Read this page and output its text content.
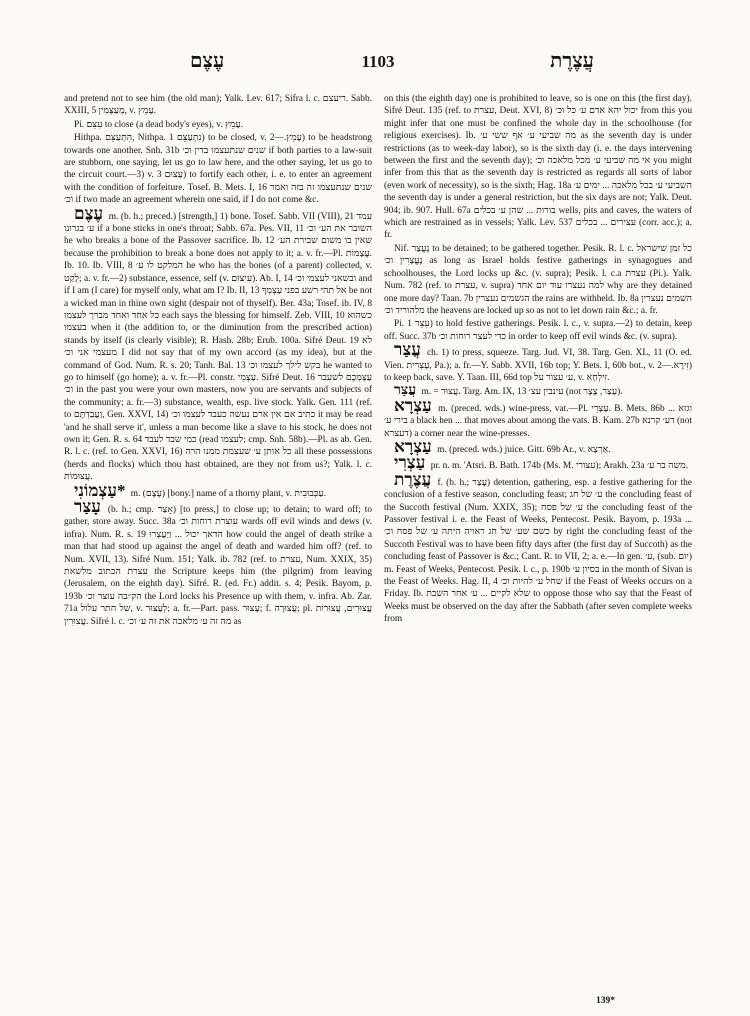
עֶצֶם	1103	עֲצֶרֶת

and pretend not to see him (the old man); Yalk. Lev. 617; Sifra l. c. ריעצם. Sabb. XXIII, 5 מְעַצְּמִין, v. עָמֵץ.

Pi. עִצֵּם to close (a dead body's eyes), v. עָמֵץ.

Hithpa. הִתְעַצֵּם, Nithpa. נִתְעַצֵּם 1) to be closed, v. עָמֵץ.—2) to be headstrong towards one another. Snh. 31b שנים שנתעצמו בדין וכ׳ if both parties to a law-suit are stubborn, one saying, let us go to law here, and the other saying, let us go to the circuit court.—3) v. עָצוּם 3) to fortify each other, i. e. to enter an agreement with the condition of forfeiture. Tosef. B. Mets. I, 16 שנים שנתעצמו זה בזה ואמר וכ׳ if two made an agreement wherein one said, if I do not come &c.

עֶצֶם m. (b. h.; preced.) [strength,] 1) bone. Tosef. Sabb. VII (VIII), 21 עמד ע׳ בגרונו if a bone sticks in one's throat; Sabb. 67a. Pes. VII, 11 השובר את הע׳ וכ׳ he who breaks a bone of the Passover sacrifice. Ib. 12 שאין בו משום שבירת הע׳ because the prohibition to break a bone does not apply to it; a. v. fr.—Pl. עֲצָמוֹת. Ib. 10. Ib. VIII, 8 המלקט לו ע׳ he who has the bones (of a parent) collected, v. לָקַט; a. v. fr.—2) substance, essence, self (v. עִיצּוּם). Ab. I, 14 ובשאני לעצמי וכ׳ and if I am (I care) for myself only, what am I? Ib. II, 13 אל תהי רשע בפני עַצְמְךָ be not a wicked man in thine own sight (despair not of thyself). Ber. 43a; Tosef. ib. IV, 8 כל אחד ואחד מברך לעצמו each says the blessing for himself. Zeb. VIII, 10 כשהוא בעצמו when it (the addition to, or the diminution from the prescribed action) stands by itself (is clearly visible); R. Hash. 28b; Erub. 100a. Sifré Deut. 19 לא מעצמי אני וכ׳ I did not say that of my own accord (as my idea), but at the command of God. Num. R. s. 20; Tanh. Bal. 13 בקש לילך לעצמו וכ׳ he wanted to go to himself (go home); a. v. fr.—Pl. constr. עַצְמֵי. Sifré Deut. 16 עַצְמְכֶם לשעבר וכ׳ in the past you were your own masters, now you are servants and subjects of the community; a. fr.—3) substance, wealth, esp. live stock. Yalk. Gen. 111 (ref. to וַעֲבַדְתֶּם, Gen. XXVI, 14) כתיב אם אין ארם נעשה כעבד לעצמו וכ׳ it may be read 'and he shall serve it', unless a man become like a slave to his stock, he does not own it; Gen. R. s. 64 כמי שבד לעבד (read לעצמו; cmp. Snh. 58b).—Pl. as ab. Gen. R. l. c. (ref. to Gen. XXVI, 16) כל אותן ע׳ שעצמת ממנו הרה all these possessions (herds and flocks) which thou hast obtained, are they not from us?; Yalk. l. c. עֲצוּמוֹת.

*עַצְמוֹנִי m. (עֶצֶם) [bony.] name of a thorny plant, v. עַכְּבוּבִית.

עָצַר (b. h.; cmp. אָצַר) [to press,] to close up; to detain; to ward off; to gather, store away. Succ. 38a עוצרת רוחות וכ׳ wards off evil winds and dews (v. infra). Num. R. s. 19 הדאך יכול ... וַיַּעֲצְרוּ how could the angel of death strike a man that had stood up against the angel of death and warded him off? (ref. to Num. XVII, 13). Sifré Num. 151; Yalk. ib. 782 (ref. to עצרת, Num. XXIX, 35) עצרת הכתוב מלשאת the Scripture keeps him (the pilgrim) from leaving (Jerusalem, on the eighth day). Sifré. R. (ed. Fr.) addit. s. 4; Pesik. Bayom, p. 193b הק״בה עוצר וכ׳ the Lord locks his Presence up with them, v. infra. Ab. Zar. 71a של חתר עלול, v. לְעַצּוּר; a. fr.—Part. pass. עָצוּר; f. עֲצוּרָה; pl. עֲצוּרִים, עֲצוּרוֹת עֲצוּרִין. Sifré l. c. מה זה ע׳ מלאכה את זה ע׳ וכ׳ as

on this (the eighth day) one is prohibited to leave, so is one on this (the first day). Sifré Deut. 135 (ref. to עצרת, Deut. XVI, 8) יכול יהא אדם ע׳ כל וכ׳ from this you might infer that one must be confined the whole day in the schoolhouse (for religious exercises). Ib. מה שביעי ע׳ אף ששי ע׳ as the seventh day is under restrictions (as to week-day labor), so is the sixth day (i. e. the days intervening between the first and the seventh day); אי מה שביעי ע׳ מכל מלאכה וכ׳ you might infer from this that as the seventh day is restricted as regards all sorts of labor (even work of necessity), so is the sixth; Hag. 18a השביעי ע׳ בכל מלאכה ... ימים ע׳ the seventh day is under a general restriction, but the six days are not; Yalk. Deut. 904; ib. 907. Hull. 67a בורות ... שהן ע׳ בכלים wells, pits and caves, the waters of which are restrained as in vessels; Yalk. Lev. 537 עצירים ... בכלים (corr. acc.); a. fr.

Nif. נֶעֱצַר to be detained; to be gathered together. Pesik. R. l. c. כל זמן שישראל נֶעֱצָרִין וכ׳ as long as Israel holds festive gatherings in synagogues and schoolhouses, the Lord locks up &c. (v. supra); Pesik. l. c.a עצרת (Pi.). Yalk. Num. 782 (ref. to עצרת, v. supra) למה נעצרו עוד יום אחד why are they detained one more day? Taan. 7b הגשמים נעצרין the rains are withheld. Ib. 8a השמים נעצרין מלהוריד וכ׳ the heavens are locked up so as not to let down rain &c.; a. fr.

Pi. עִצֵּר 1) to hold festive gatherings. Pesik. l. c., v. supra.—2) to detain, keep off. Succ. 37b כדי לעצר רוחות וכ׳ in order to keep off evil winds &c. (v. supra).

עֲצַר ch. 1) to press, squeeze. Targ. Jud. VI, 38. Targ. Gen. XL, 11 (O. ed. Vien. עָצְרִית, Pa.); a. fr.—Y. Sabb. XVII, 16b top; Y. Bets. I, 60b bot., v. זִירָא.—2) to keep back, save. Y. Taan. III, 66d top ע׳ עצור על, v. זִילְחָא.

עֲצַר m. = עֲצוּר. Targ. Am. IX, 13 עינבין עצ׳ (not עָצַר, צֶצֶר).

עַצְרָא m. (preced. wds.) wine-press, vat.—Pl. עַצְרֵי. B. Mets. 86b וגזא ... בירי ע׳ a black hen ... that moves about among the vats. B. Kam. 27b דע׳ קרנא (not דעצרא) a corner near the wine-presses.

עַצְרָא m. (preced. wds.) juice. Gitt. 69b Ar., v. אַרְצָא.

עַצְרִי pr. n. m. 'Atsri. B. Bath. 174b (Ms. M. עצורי); Arakh. 23a משה בר ע׳.

עֲצֶרֶת f. (b. h.; עָצַר) detention, gathering, esp. a festive gathering for the conclusion of a festive season, concluding feast; ע׳ של חג the concluding feast of the Succoth festival (Num. XXIX, 35); ע׳ של פסח the concluding feast of the Passover festival i. e. the Feast of Weeks, Pentecost. Pesik. Bayom, p. 193a ... כשם שע׳ של חג ראויה היתה ע׳ של פסח וכ׳ by right the concluding feast of the Succoth Festival was to have been fifty days after (the first day of Succoth) as the concluding feast of Passover is &c.; Cant. R. to VII, 2; a. e.—In gen. ע׳, (sub. יום) m. Feast of Weeks, Pentecost. Pesik. l. c., p. 190b בסיון ע׳ in the month of Sivan is the Feast of Weeks. Hag. II, 4 שחל ע׳ להיות וכ׳ if the Feast of Weeks occurs on a Friday. Ib. שלא לקיים ... ע׳ אחר השבת to oppose those who say that the Feast of Weeks must be observed on the day after the Sabbath (after seven complete weeks from

139*
